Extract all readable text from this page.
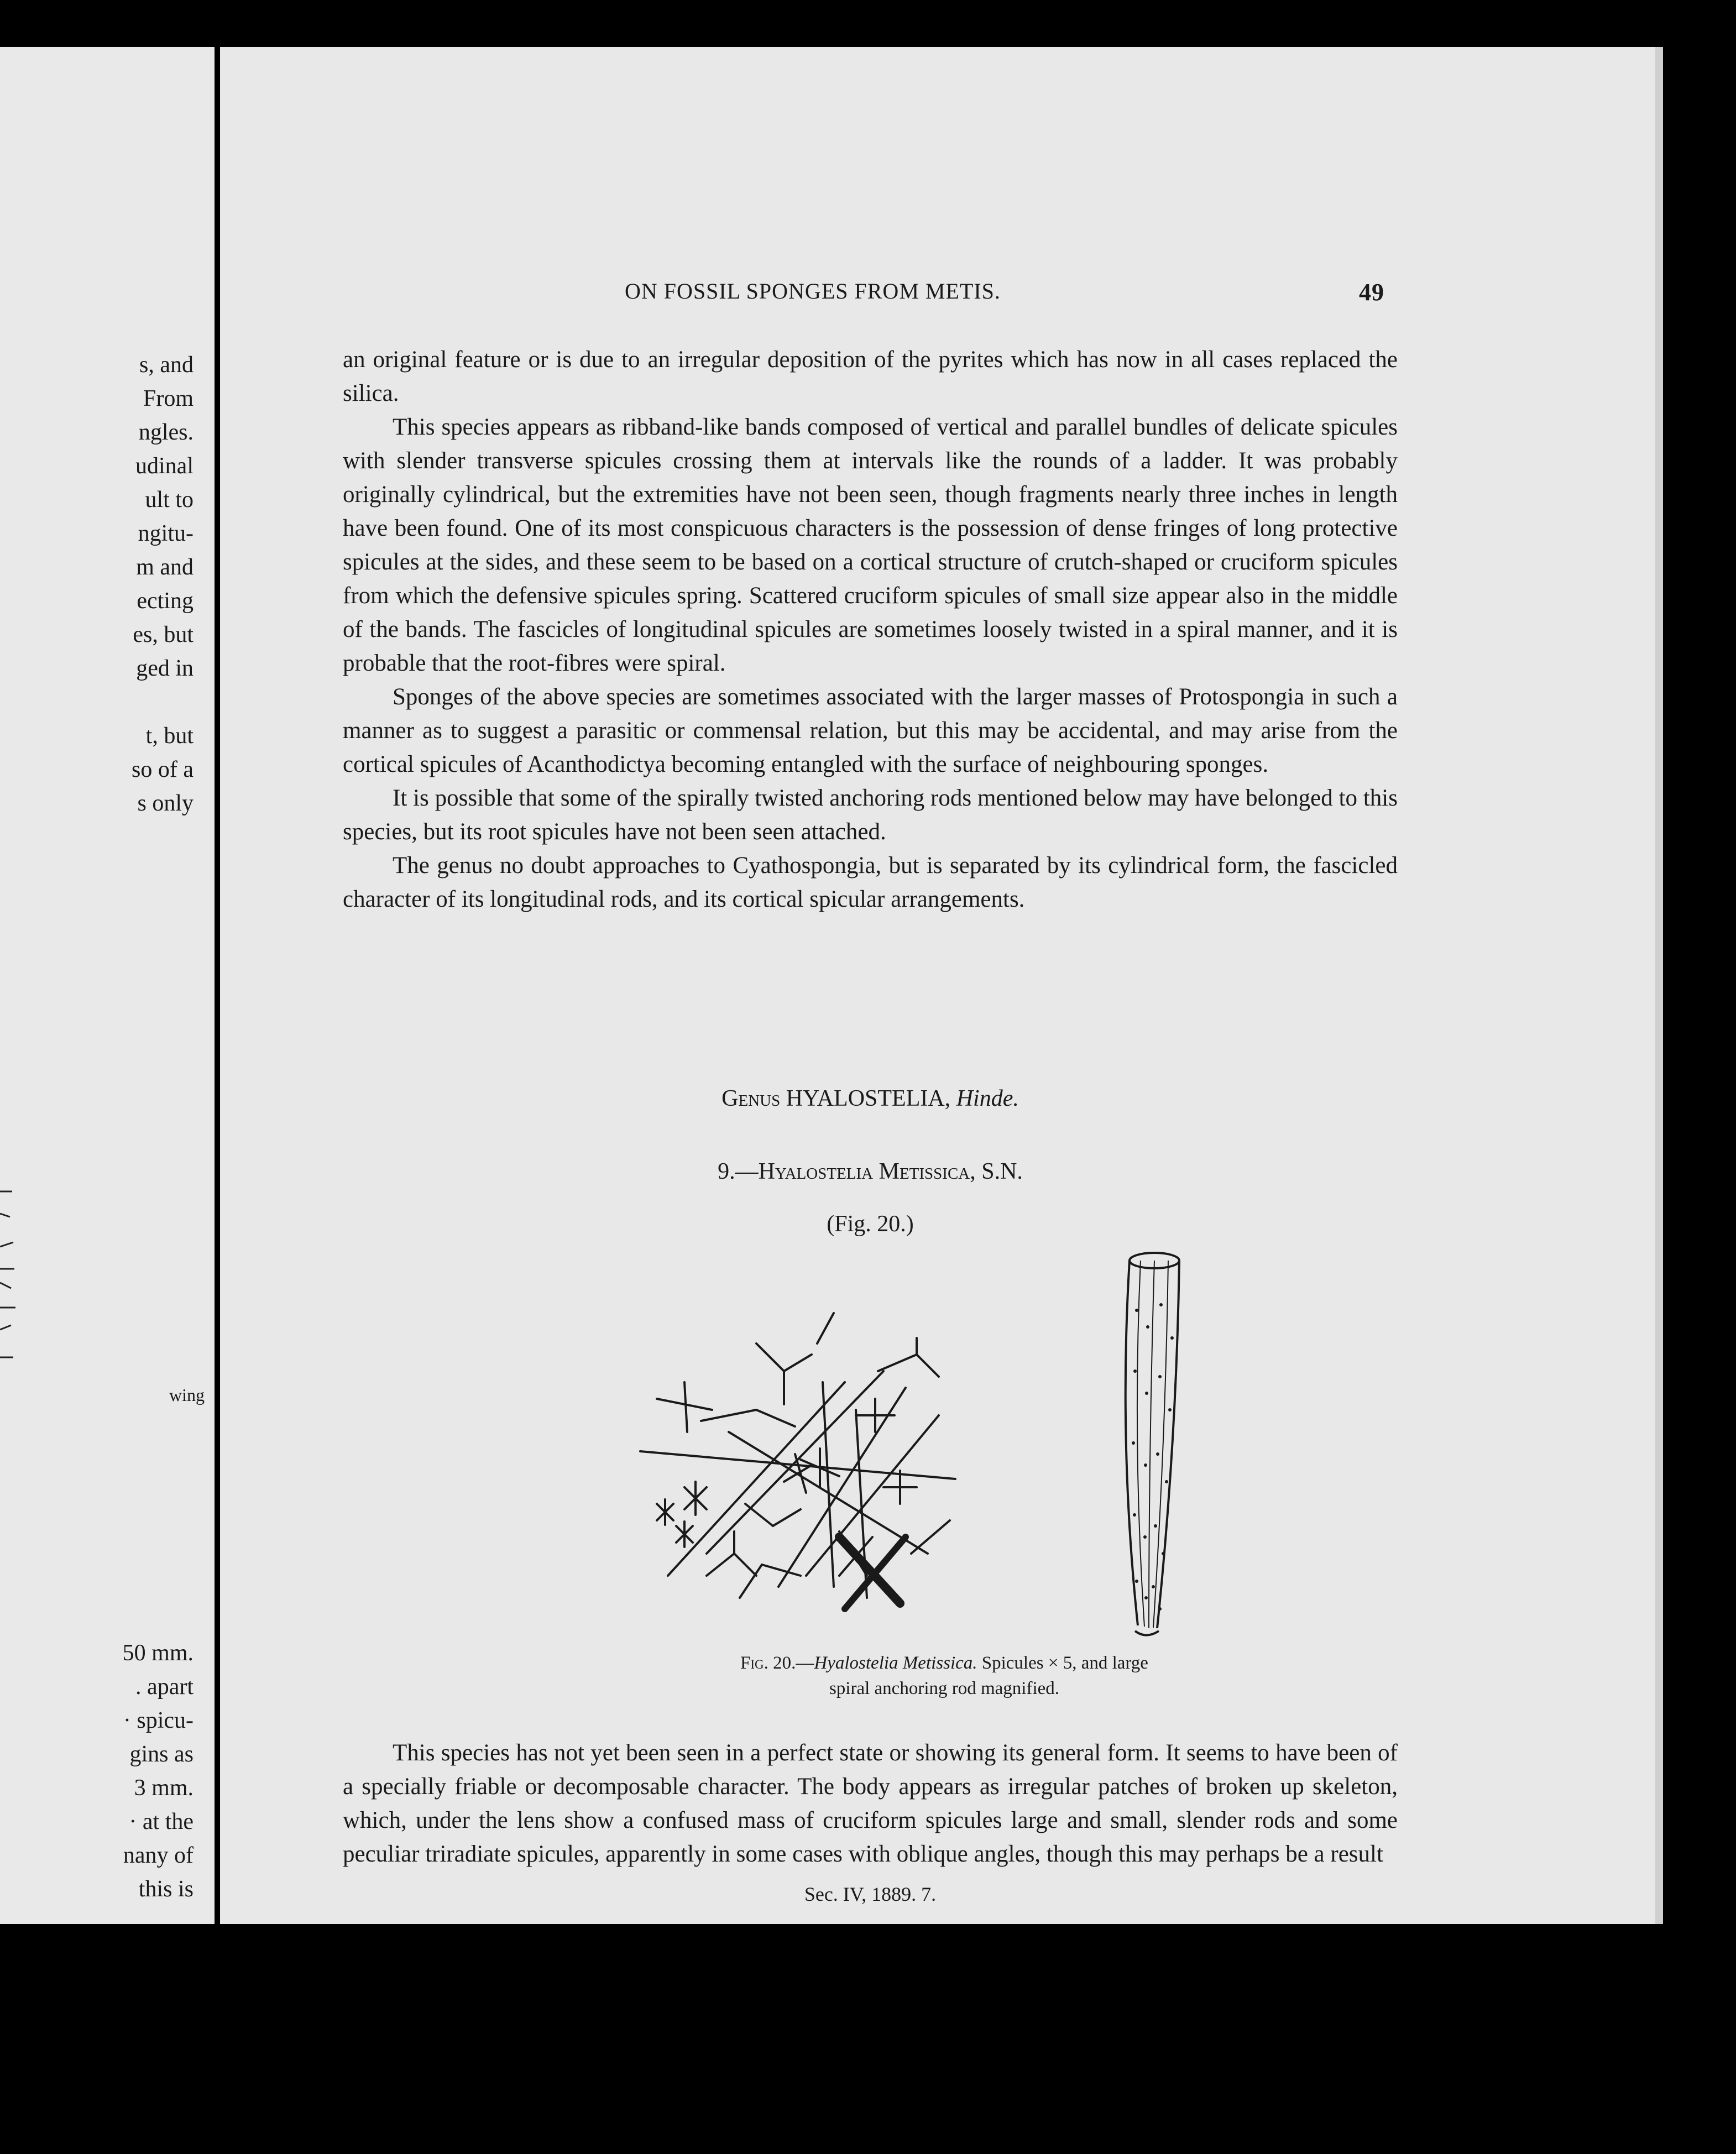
s, and
From
ngles.
udinal
ult to
ngitu-
m and
ecting
es, but
ged in
t, but
so of a
s only
wing
50 mm.
. apart
· spicu-
gins as
3 mm.
· at the
nany of
this is
ON FOSSIL SPONGES FROM METIS.	49

an original feature or is due to an irregular deposition of the pyrites which has now in all cases replaced the silica.

This species appears as ribband-like bands composed of vertical and parallel bundles of delicate spicules with slender transverse spicules crossing them at intervals like the rounds of a ladder. It was probably originally cylindrical, but the extremities have not been seen, though fragments nearly three inches in length have been found. One of its most conspicuous characters is the possession of dense fringes of long protective spicules at the sides, and these seem to be based on a cortical structure of crutch-shaped or cruciform spicules from which the defensive spicules spring. Scattered cruciform spicules of small size appear also in the middle of the bands. The fascicles of longitudinal spicules are sometimes loosely twisted in a spiral manner, and it is probable that the root-fibres were spiral.

Sponges of the above species are sometimes associated with the larger masses of Protospongia in such a manner as to suggest a parasitic or commensal relation, but this may be accidental, and may arise from the cortical spicules of Acanthodictya becoming entangled with the surface of neighbouring sponges.

It is possible that some of the spirally twisted anchoring rods mentioned below may have belonged to this species, but its root spicules have not been seen attached.

The genus no doubt approaches to Cyathospongia, but is separated by its cylindrical form, the fascicled character of its longitudinal rods, and its cortical spicular arrangements.

Genus HYALOSTELIA, Hinde.
9.—Hyalostelia Metissica, S.N.
(Fig. 20.)
Fig. 20.—Hyalostelia Metissica. Spicules × 5, and large
spiral anchoring rod magnified.

This species has not yet been seen in a perfect state or showing its general form. It seems to have been of a specially friable or decomposable character. The body appears as irregular patches of broken up skeleton, which, under the lens show a confused mass of cruciform spicules large and small, slender rods and some peculiar triradiate spicules, apparently in some cases with oblique angles, though this may perhaps be a result

Sec. IV, 1889. 7.
